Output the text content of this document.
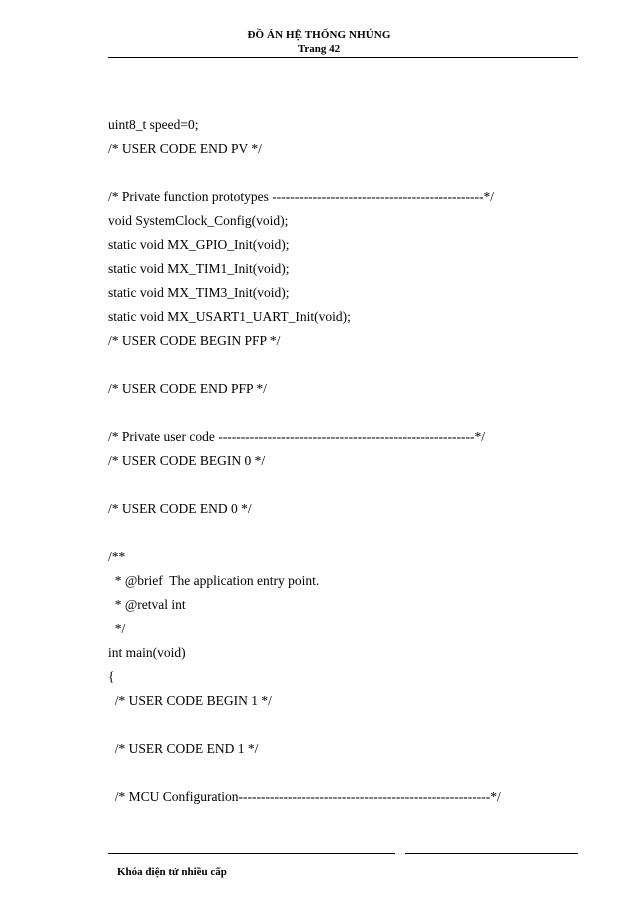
ĐỒ ÁN HỆ THỐNG NHÚNG
Trang 42
uint8_t speed=0;
/* USER CODE END PV */
/* Private function prototypes -----------------------------------------------*/
void SystemClock_Config(void);
static void MX_GPIO_Init(void);
static void MX_TIM1_Init(void);
static void MX_TIM3_Init(void);
static void MX_USART1_UART_Init(void);
/* USER CODE BEGIN PFP */
/* USER CODE END PFP */
/* Private user code ---------------------------------------------------------*/
/* USER CODE BEGIN 0 */
/* USER CODE END 0 */
/**
* @brief  The application entry point.
* @retval int
*/
int main(void)
{
/* USER CODE BEGIN 1 */
/* USER CODE END 1 */
/* MCU Configuration--------------------------------------------------------*/
Khóa điện tử nhiều cấp
